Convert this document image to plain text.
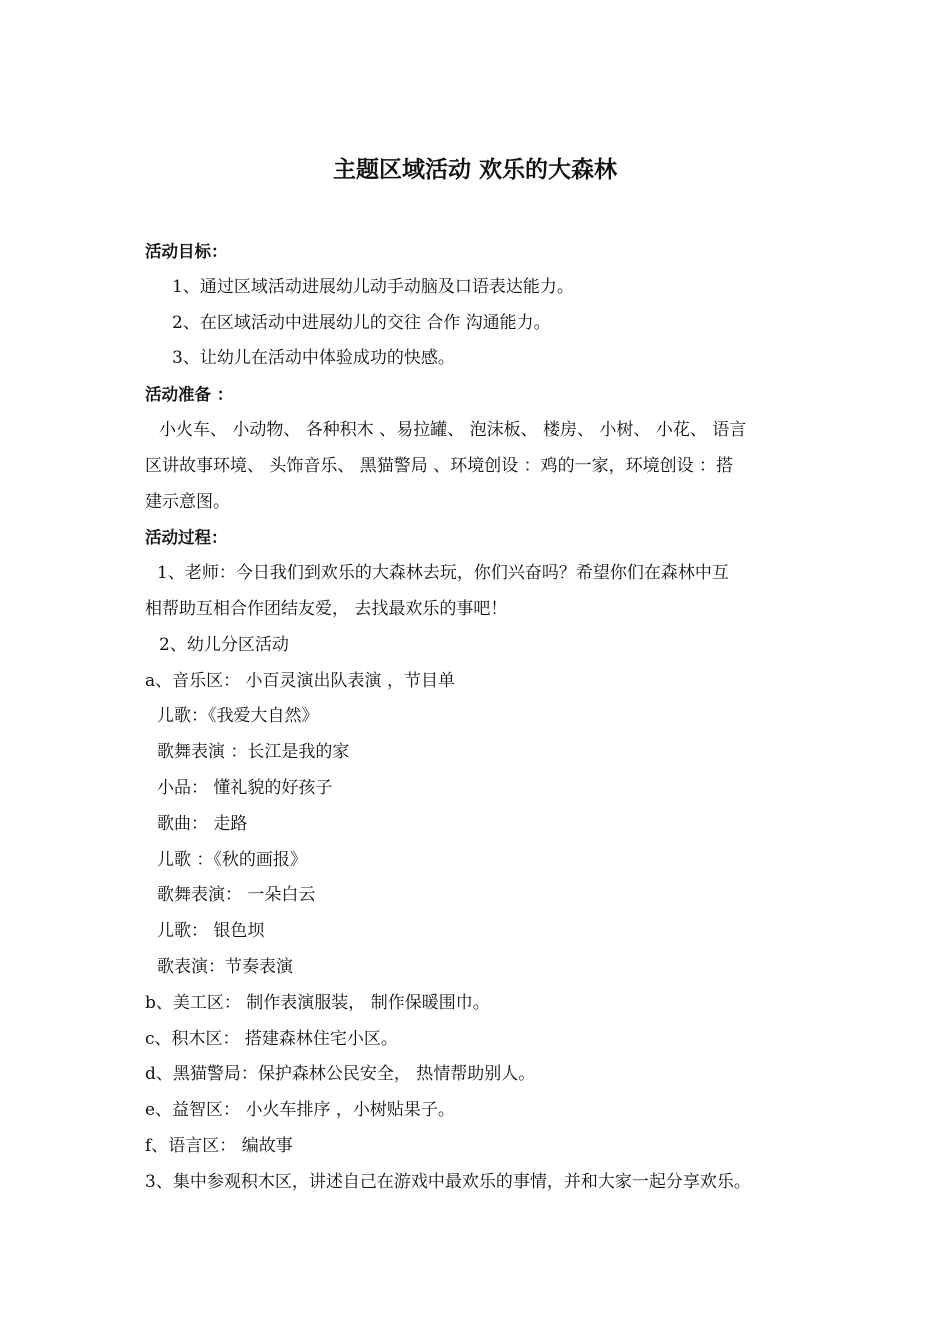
主题区域活动 欢乐的大森林
活动目标：
1、通过区域活动进展幼儿动手动脑及口语表达能力。
2、在区域活动中进展幼儿的交往 合作 沟通能力。
3、让幼儿在活动中体验成功的快感。
活动准备 ：
小火车、 小动物、 各种积木 、易拉罐、 泡沫板、 楼房、 小树、 小花、 语言
区讲故事环境、 头饰音乐、 黑猫警局 、环境创设 ：鸡的一家，环境创设 ：搭
建示意图。
活动过程：
1、老师：今日我们到欢乐的大森林去玩，你们兴奋吗？希望你们在森林中互
相帮助互相合作团结友爱， 去找最欢乐的事吧！
2、幼儿分区活动
a、音乐区： 小百灵演出队表演 ，节目单
儿歌：《我爱大自然》
歌舞表演 ：长江是我的家
小品： 懂礼貌的好孩子
歌曲： 走路
儿歌 ：《秋的画报》
歌舞表演： 一朵白云
儿歌： 银色坝
歌表演：节奏表演
b、美工区： 制作表演服装， 制作保暖围巾。
c、积木区： 搭建森林住宅小区。
d、黑猫警局：保护森林公民安全， 热情帮助别人。
e、益智区： 小火车排序 ，小树贴果子。
f、语言区： 编故事
3、集中参观积木区，讲述自己在游戏中最欢乐的事情，并和大家一起分享欢乐。
